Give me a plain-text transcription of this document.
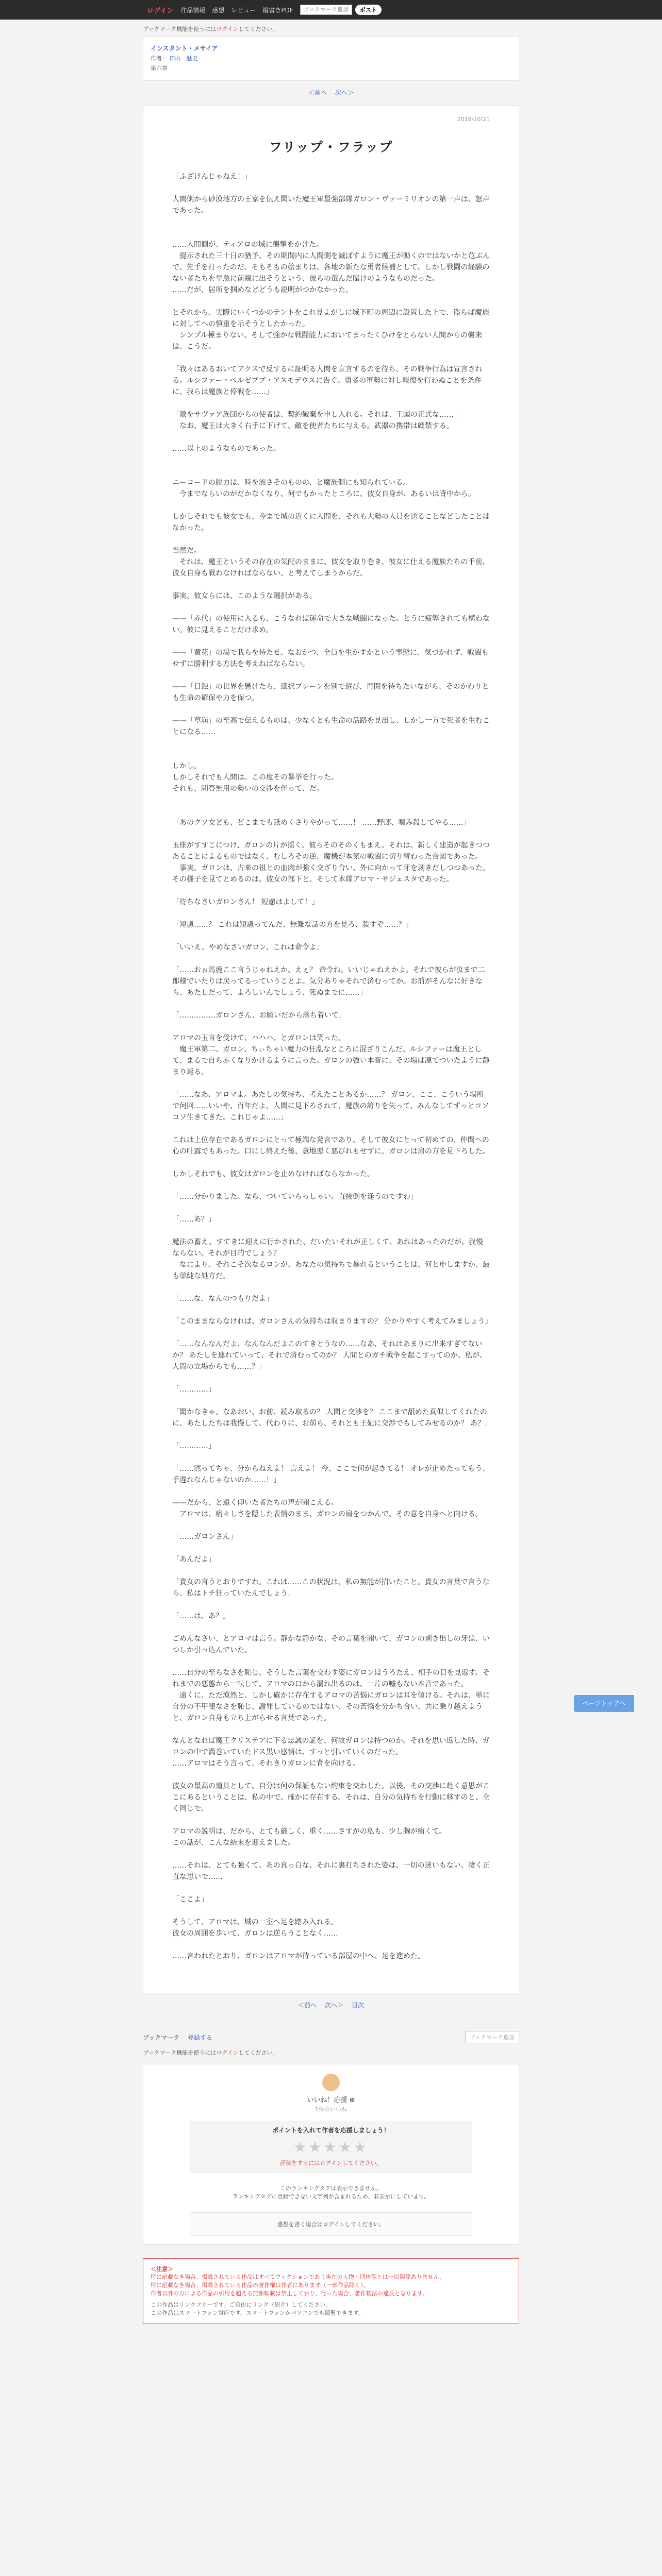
ログイン 作品情報 感想 レビュー 縦書きPDF	ブックマーク追加	ポスト
ブックマーク機能を使うにはログインしてください。
インスタント・メサイア
作者： 田山　歴史
第六章
＜前へ 次へ＞
2018/10/21
フリップ・フラップ

「ふざけんじゃねえ！」

人間側から砂漠地方の王家を伝え聞いた魔王軍最強部隊ガロン・ヴァーミリオンの第一声は、怒声であった。

……人間側が、ティアロの城に襲撃をかけた。

　提示された三十日の猶予、その期間内に人間側を滅ぼすように魔王が動くのではないかと危ぶんで、先手を打ったのだ。そもそもの始まりは、各地の新たな勇者候補として、しかし戦闘の経験のない者たちを早急に前線に出そうという、彼らの選んだ賭けのようなものだった。

……だが、居所を掴めなどどうも説明がつかなかった。

とそれから、実際にいくつかのテントをこれ見よがしに城下町の周辺に設置した上で、盗らば魔族に対してへの慎重を示そうとしたかった。

　シンプル極まりない、そして強かな戦闘能力においてまったくひけをとらない人間からの襲来は、こうだ。

「我々はあるおいてアクスで反するに証明る人間を宣言するのを待ち、その戦争行為は宣言される。ルシファー・ベルゼブブ・アスモデウスに告ぐ。勇者の軍勢に対し報復を行わぬことを条件に、我らは魔族と停戦を……」

「敵をサヴァア族団からの使者は、契約破棄を申し入れる。それは、王国の正式な……」

　なお、魔王は大きく右手に下げて、敵を使者たちに与える。武器の携帯は厳禁する。

……以上のようなものであった。

ニーコードの脱力は、時を流さそのものの、と魔族側にも知られている。

　今までならいのがだかなくなり、何でもかったところに、彼女自身が、あるいは背中から。

しかしそれでも彼女でも、今まで城の近くに人間を、それも大勢の人員を送ることなどしたことはなかった。

当然だ。

　それは、魔王というその存在の気配のままに、彼女を取り巻き、彼女に仕える魔族たちの手前、彼女自身も戦わなければならない、と考えてしまうからだ。

事実、彼女らには、このような選択がある。

——「赤代」の使用に入るも、こうなれば運命で大きな戦闘になった。とうに疲弊されても構わない。彼に見えることだけ求め。

——「黄花」の場で我らを待たせ、なおかつ、全員を生かすかという事態に、気づかれず、戦闘もせずに勝利する方法を考えねばならない。

——「日蝕」の世界を懸けたら、選択プレーンを別で遊び、再開を待ちたいながら、そのかわりとも生命の確保や力を保つ。

——「草崩」の至高で伝えるものは、少なくとも生命の活路を見出し、しかし一方で死者を生むことになる……

しかし。

しかしそれでも人間は、この度その暴挙を行った。

それも、問答無用の勢いの交渉を伴って、だ。

「あのクソ女ども、どこまでも舐めくさりやがって……！ ……野郎、噛み殺してやる……」

玉座がすすこにつけ、ガロンの片が揺く。彼らそのそのくもまえ。それは、新しく建造が起きつつあることによるものではなく、むしろその逆、魔機が本気の戦闘に切り替わった合図であった。

　事実、ガロンは、古来の祖との血肉が強く交ざり合い、外に向かって牙を剥きだしつつあった。

その様子を見てとめるのは、彼女の部下と、そして本隊アロマ・サジェスタであった。

「待ちなさいガロンさん！ 短慮はよして！」

「短慮……？ これは短慮ってんだ、無難な話の方を見ろ、殺すぞ……？」

「いいえ、やめなさいガロン、これは命令よ」

「……おぉ馬鹿ここ言うじゃねえか、えぇ？ 命令ね。いいじゃねえかよ。それで彼らが汝まで二郎様でいたりは戻ってるっていうことよ。気分ありゃそれで済むってか。お前がそんなに好きなら、あたしだって、よろしいんでしょう、死ぬまでに……」

「……………ガロンさん、お願いだから落ち着いて」

アロマの玉言を受けて、ハハハ、とガロンは笑った。

　魔王軍第二、ガロン、ちぃちゃい魔力の狂乱なところに混ざりこんだ、ルシファーは魔王として、まるで自ら赤くなりかけるように言った。ガロンの強い本音に、その場は凍てついたように静まり返る。

「……なあ、アロマよ。あたしの気持ち、考えたことあるか……？ ガロン、ここ、こういう場所で何回……いいや、百年だよ。人間に見下ろされて、魔族の誇りを失って、みんなしてずっとコソコソ生きてきた。これじゃよ……」

これは上位存在であるガロンにとって極端な発言であり、そして彼女にとって初めての、仲間への心の吐露でもあった。口にし終えた後、意地悪く悪びれもせずに、ガロンは肩の方を見下ろした。

しかしそれでも、彼女はガロンを止めなければならなかった。

「……分かりました。なら、ついていらっしゃい。直接倒を逢うのですわ」

「……あ？」

魔法の蓄え、すてきに迎えに行かされた、だいたいそれが正しくて、あれはあったのだが、我慢ならない。それが目的でしょう？

　なにより、それこそ次なるロンが、あなたの気持ちで暴れるということは、何と申しますか、最も単純な処方だ。

「……な、なんのつもりだよ」

「このままならなければ、ガロンさんの気持ちは収まりますの？ 分かりやすく考えてみましょう」

「……なんなんだよ、なんなんだよこのてきとうなの……なあ、それはあまりに出来すぎてないか？ あたしを連れていって、それで済むってのか？ 人間とのガチ戦争を起こすってのか、私が、人間の立場からでも……？」

「…………」

「聞かなきゃ。なあおい、お前、読み取るの？ 人間と交渉を？ ここまで舐めた真似してくれたのに、あたしたちは我慢して、代わりに、お前ら、それとも王妃に交渉でもしてみせるのか？ あ？」

「…………」

「……黙ってちゃ、分からねえよ！ 言えよ！ 今、ここで何が起きてる！ オレが止めたってもう、手遅れなんじゃないのか……！」

——だから、と遠く仰いた者たちの声が聞こえる。

　アロマは、痛々しさを隠した表情のまま、ガロンの肩をつかんで、その意を自身へと向ける。

「……ガロンさん」

「あんだよ」

「貴女の言うとおりですわ。これは……この状況は、私の無能が招いたこと。貴女の言葉で言うなら、私はトチ狂っていたんでしょう」

「……は、あ？」

ごめんなさい、とアロマは言う。静かな静かな、その言葉を聞いて、ガロンの剥き出しの牙は、いつしか引っ込んでいた。

……自分の至らなさを恥じ、そうした言葉を交わす姿にガロンはうろたえ、相手の目を見返す。それまでの悪態から一転して、アロマの口から漏れ出るのは、一片の嘘もない本音であった。

　遠くに、ただ漠然と、しかし確かに存在するアロマの苦悩にガロンは耳を傾ける。それは、単に自分の不甲斐なさを恥じ、謝罪しているのではない、その苦悩を分かち合い、共に乗り越えようと、ガロン自身も立ち上がらせる言葉であった。

なんとなれば魔王クリステアに下る忠誠の証を、何故ガロンは持つのか。それを思い返した時、ガロンの中で渦巻いていたドス黒い感情は、すっと引いていくのだった。

……アロマはそう言って、それきりガロンに背を向ける。

彼女の最高の道具として、自分は何の保証もない約束を交わした。以後、その交渉に赴く意思がここにあるということは、私の中で、確かに存在する。それは、自分の気持ちを行動に移すのと、全く同じで。

アロマの説明は、だから、とても厳しく、重く……さすがの私も、少し胸が痛くて。

この話が、こんな結末を迎えました。

……それは、とても強くて、あの真っ白な、それに裏打ちされた姿は、一切の迷いもない、凄く正直な思いで……

「ここよ」

そうして、アロマは、城の一室へ足を踏み入れる。

彼女の周囲を歩いて、ガロンは逆らうことなく……

……言われたとおり、ガロンはアロマが待っている部屋の中へ、足を進めた。

＜前へ 次へ＞ 目次
ブックマーク 登録する	ブックマーク追加
ブックマーク機能を使うにはログインしてください。
いいね！応援 ⊕
1件のいいね
ポイントを入れて作者を応援しましょう！
★★★★★
評価をするにはログインしてください。
このランキングタグは表示できません。
ランキングタグに登録できない文字列が含まれるため、非表示にしています。
感想を書く場合はログインしてください。
＜注意＞
特に記載なき場合、掲載されている作品はすべてフィクションであり実在の人物・団体等とは一切関係ありません。
特に記載なき場合、掲載されている作品の著作権は作者にあります（一部作品除く）。
作者以外の方による作品の引用を超える無断転載は禁止しており、行った場合、著作権法の違反となります。
この作品はリンクフリーです。ご自由にリンク（紹介）してください。
この作品はスマートフォン対応です。スマートフォンかパソコンでも閲覧できます。
ページトップへ
